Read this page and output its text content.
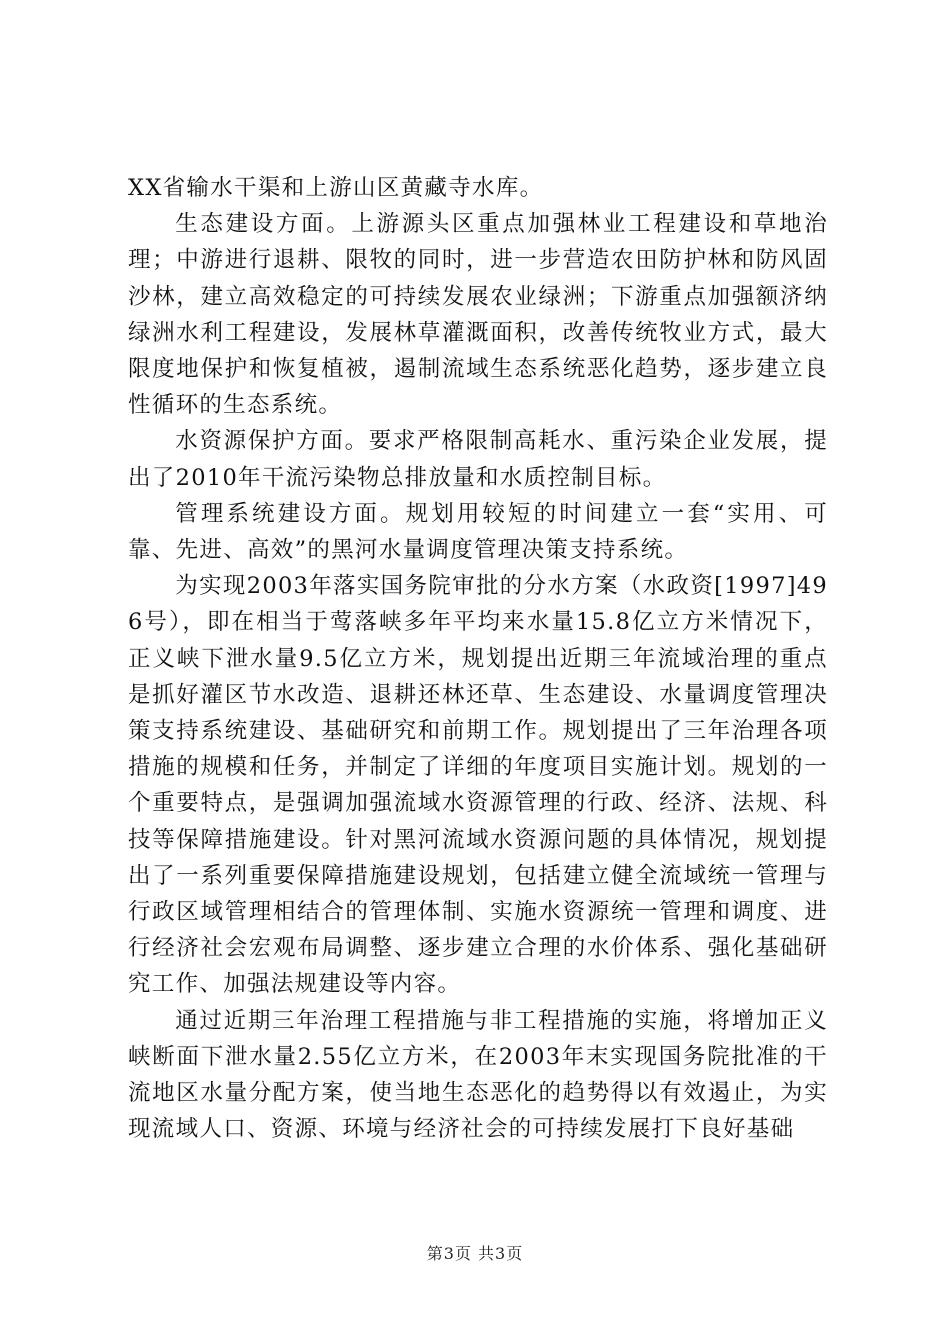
XX省输水干渠和上游山区黄藏寺水库。

生态建设方面。上游源头区重点加强林业工程建设和草地治理；中游进行退耕、限牧的同时，进一步营造农田防护林和防风固沙林，建立高效稳定的可持续发展农业绿洲；下游重点加强额济纳绿洲水利工程建设，发展林草灌溉面积，改善传统牧业方式，最大限度地保护和恢复植被，遏制流域生态系统恶化趋势，逐步建立良性循环的生态系统。

水资源保护方面。要求严格限制高耗水、重污染企业发展，提出了2010年干流污染物总排放量和水质控制目标。

管理系统建设方面。规划用较短的时间建立一套“实用、可靠、先进、高效”的黑河水量调度管理决策支持系统。

为实现2003年落实国务院审批的分水方案（水政资[1997]496号），即在相当于莺落峡多年平均来水量15.8亿立方米情况下，正义峡下泄水量9.5亿立方米，规划提出近期三年流域治理的重点是抓好灌区节水改造、退耕还林还草、生态建设、水量调度管理决策支持系统建设、基础研究和前期工作。规划提出了三年治理各项措施的规模和任务，并制定了详细的年度项目实施计划。规划的一个重要特点，是强调加强流域水资源管理的行政、经济、法规、科技等保障措施建设。针对黑河流域水资源问题的具体情况，规划提出了一系列重要保障措施建设规划，包括建立健全流域统一管理与行政区域管理相结合的管理体制、实施水资源统一管理和调度、进行经济社会宏观布局调整、逐步建立合理的水价体系、强化基础研究工作、加强法规建设等内容。

通过近期三年治理工程措施与非工程措施的实施，将增加正义峡断面下泄水量2.55亿立方米，在2003年末实现国务院批准的干流地区水量分配方案，使当地生态恶化的趋势得以有效遏止，为实现流域人口、资源、环境与经济社会的可持续发展打下良好基础

第3页 共3页
